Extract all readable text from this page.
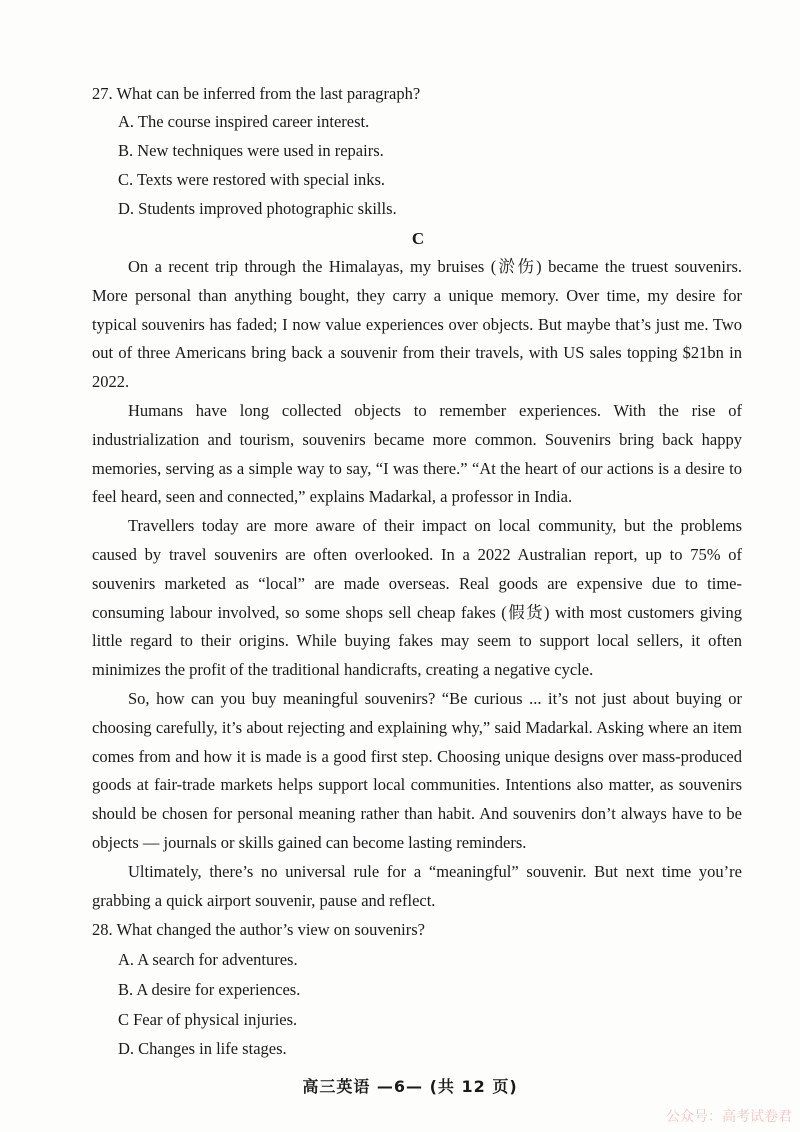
27. What can be inferred from the last paragraph?
A. The course inspired career interest.
B. New techniques were used in repairs.
C. Texts were restored with special inks.
D. Students improved photographic skills.
C

On a recent trip through the Himalayas, my bruises (淤伤) became the truest souvenirs. More personal than anything bought, they carry a unique memory. Over time, my desire for typical souvenirs has faded; I now value experiences over objects. But maybe that’s just me. Two out of three Americans bring back a souvenir from their travels, with US sales topping $21bn in 2022.

Humans have long collected objects to remember experiences. With the rise of industrialization and tourism, souvenirs became more common. Souvenirs bring back happy memories, serving as a simple way to say, “I was there.” “At the heart of our actions is a desire to feel heard, seen and connected,” explains Madarkal, a professor in India.

Travellers today are more aware of their impact on local community, but the problems caused by travel souvenirs are often overlooked. In a 2022 Australian report, up to 75% of souvenirs marketed as “local” are made overseas. Real goods are expensive due to time-consuming labour involved, so some shops sell cheap fakes (假货) with most customers giving little regard to their origins. While buying fakes may seem to support local sellers, it often minimizes the profit of the traditional handicrafts, creating a negative cycle.

So, how can you buy meaningful souvenirs? “Be curious ... it’s not just about buying or choosing carefully, it’s about rejecting and explaining why,” said Madarkal. Asking where an item comes from and how it is made is a good first step. Choosing unique designs over mass-produced goods at fair-trade markets helps support local communities. Intentions also matter, as souvenirs should be chosen for personal meaning rather than habit. And souvenirs don’t always have to be objects — journals or skills gained can become lasting reminders.

Ultimately, there’s no universal rule for a “meaningful” souvenir. But next time you’re grabbing a quick airport souvenir, pause and reflect.

28. What changed the author’s view on souvenirs?
A. A search for adventures.
B. A desire for experiences.
C Fear of physical injuries.
D. Changes in life stages.
高三英语 —6— (共 12 页)
公众号：高考试卷君
